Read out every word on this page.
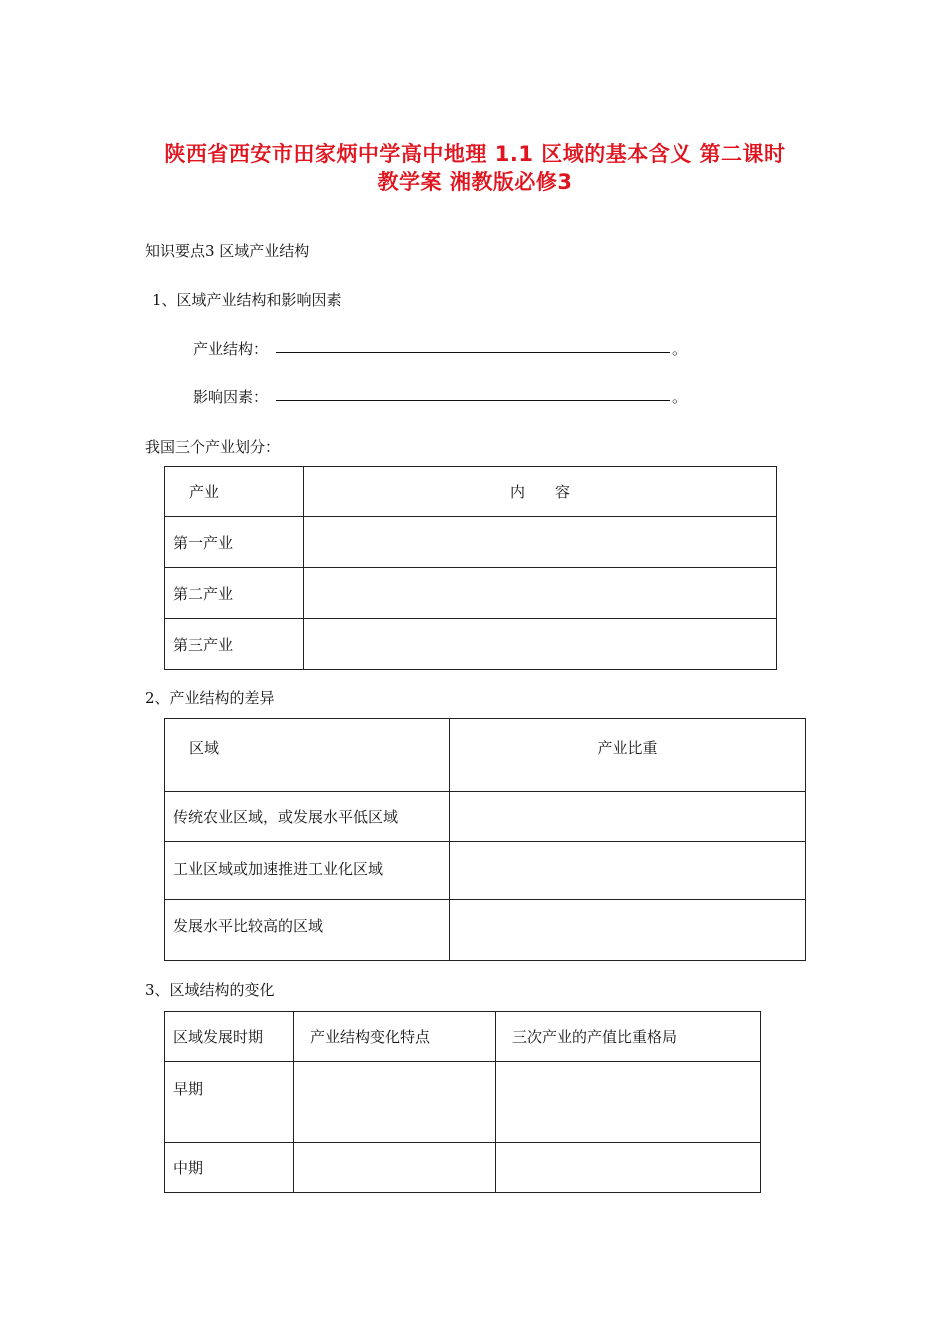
陕西省西安市田家炳中学高中地理 1.1 区域的基本含义 第二课时
教学案 湘教版必修3
知识要点3 区域产业结构
1、区域产业结构和影响因素
产业结构：	。
影响因素：	。
我国三个产业划分：
产业	内 容
第一产业	
第二产业	
第三产业	
2、产业结构的差异
区域	产业比重
传统农业区域，或发展水平低区域	
工业区域或加速推进工业化区域	
发展水平比较高的区域	
3、区域结构的变化
区域发展时期	产业结构变化特点	三次产业的产值比重格局
早期		
中期		
